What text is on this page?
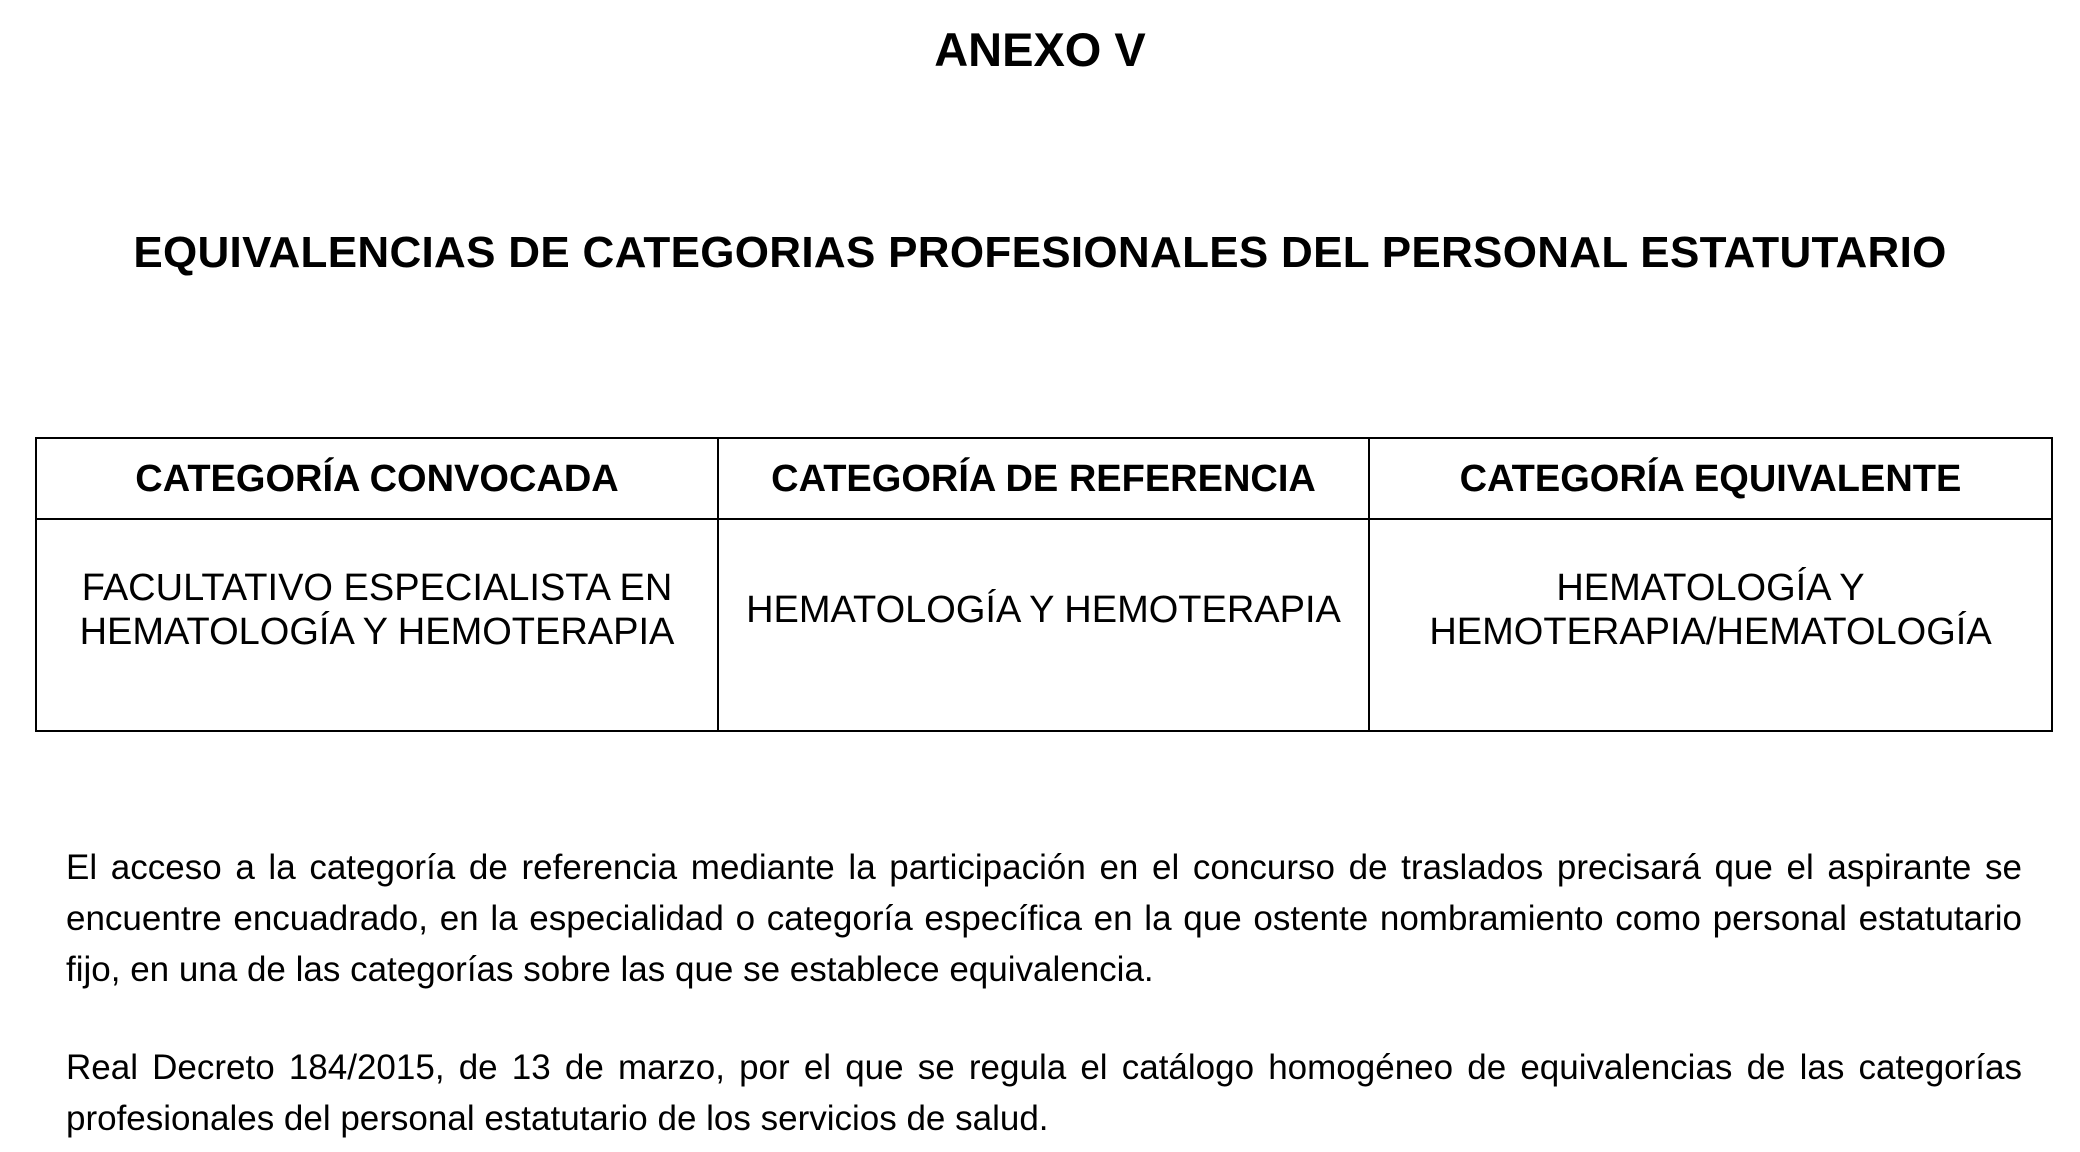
ANEXO V
EQUIVALENCIAS DE CATEGORIAS PROFESIONALES DEL PERSONAL ESTATUTARIO
CATEGORÍA CONVOCADA	CATEGORÍA DE REFERENCIA	CATEGORÍA EQUIVALENTE

FACULTATIVO ESPECIALISTA EN HEMATOLOGÍA Y HEMOTERAPIA	HEMATOLOGÍA Y HEMOTERAPIA	HEMATOLOGÍA Y HEMOTERAPIA/HEMATOLOGÍA

El acceso a la categoría de referencia mediante la participación en el concurso de traslados precisará que el aspirante se encuentre encuadrado, en la especialidad o categoría específica en la que ostente nombramiento como personal estatutario fijo, en una de las categorías sobre las que se establece equivalencia.

Real Decreto 184/2015, de 13 de marzo, por el que se regula el catálogo homogéneo de equivalencias de las categorías profesionales del personal estatutario de los servicios de salud.
